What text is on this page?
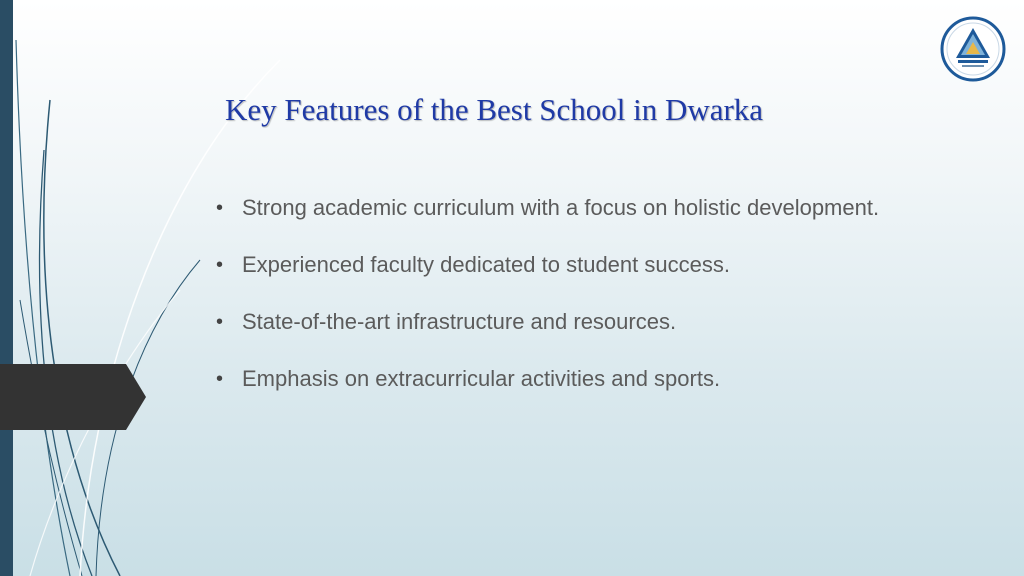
Key Features of the Best School in Dwarka
• Strong academic curriculum with a focus on holistic development.
• Experienced faculty dedicated to student success.
• State-of-the-art infrastructure and resources.
• Emphasis on extracurricular activities and sports.
